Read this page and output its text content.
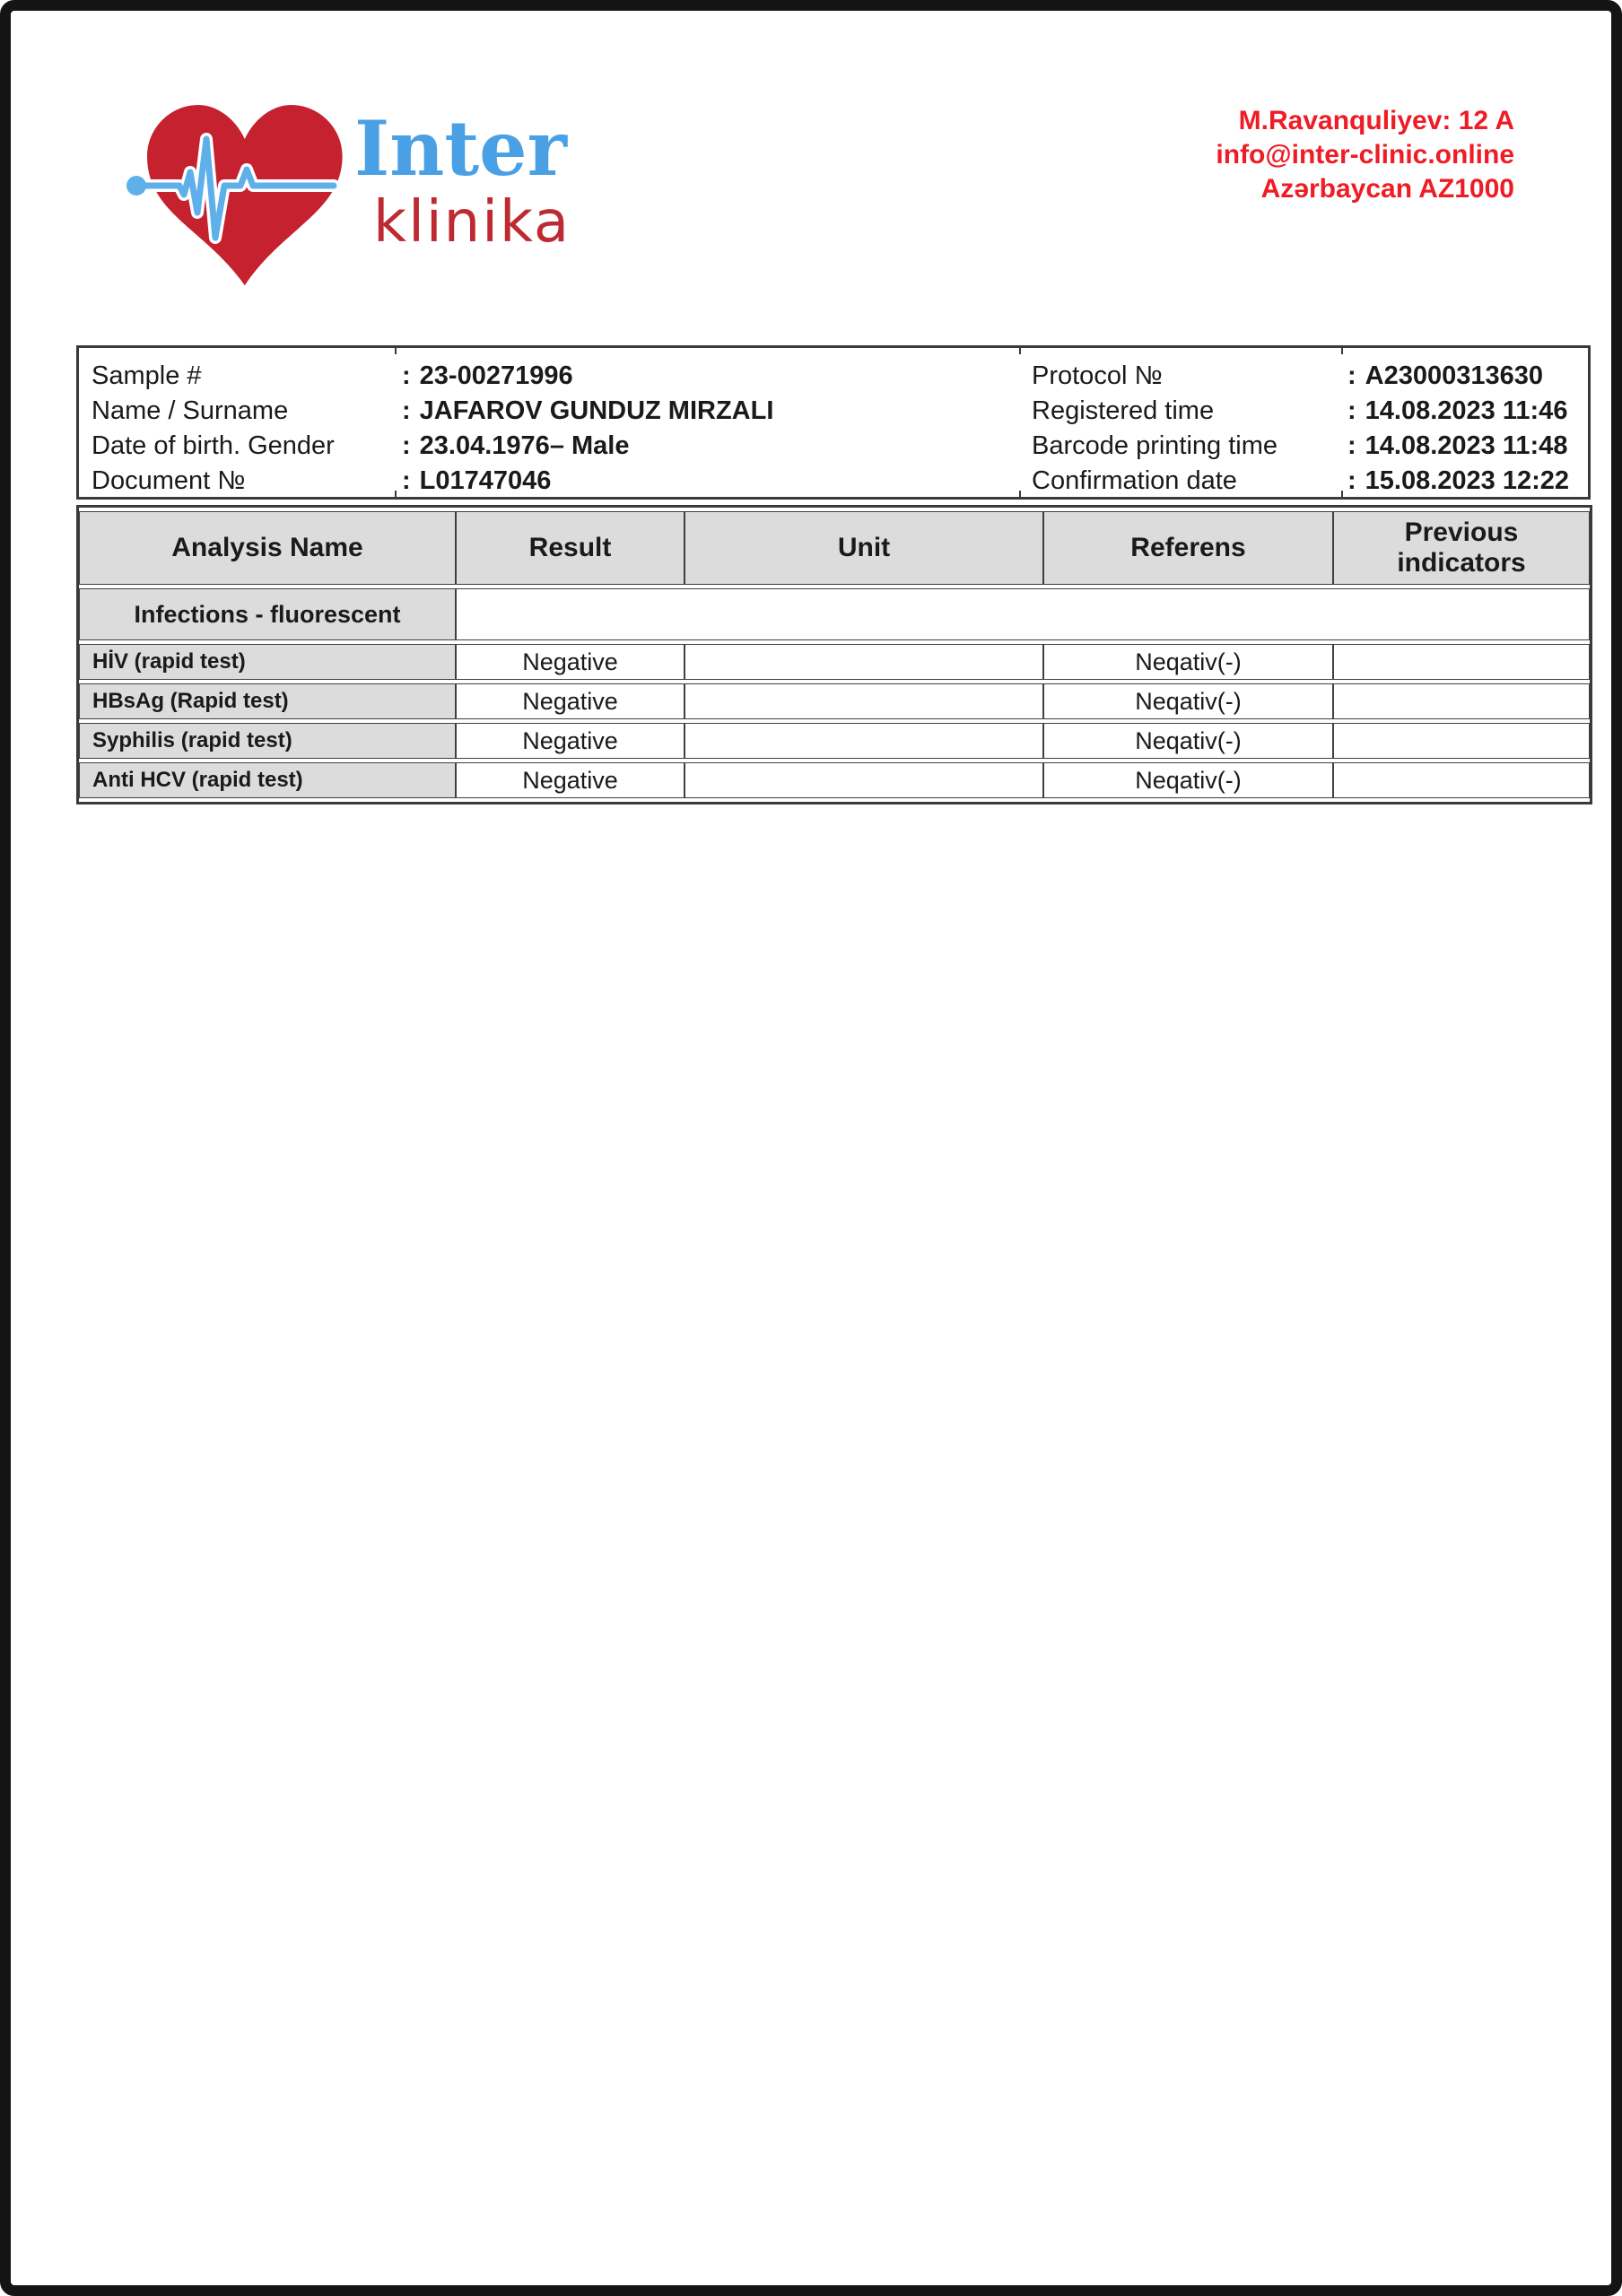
Inter
klinika
M.Ravanquliyev: 12 A
info@inter-clinic.online
Azərbaycan AZ1000
Sample #	: 23-00271996
Name / Surname	: JAFAROV GUNDUZ MIRZALI
Date of birth. Gender	: 23.04.1976– Male
Document №	: L01747046
Protocol №	: A23000313630
Registered time	: 14.08.2023 11:46
Barcode printing time	: 14.08.2023 11:48
Confirmation date	: 15.08.2023 12:22
Analysis Name	Result	Unit	Referens	Previous indicators
Infections - fluorescent				
HİV (rapid test)	Negative		Neqativ(-)	
HBsAg (Rapid test)	Negative		Neqativ(-)	
Syphilis (rapid test)	Negative		Neqativ(-)	
Anti HCV (rapid test)	Negative		Neqativ(-)	
